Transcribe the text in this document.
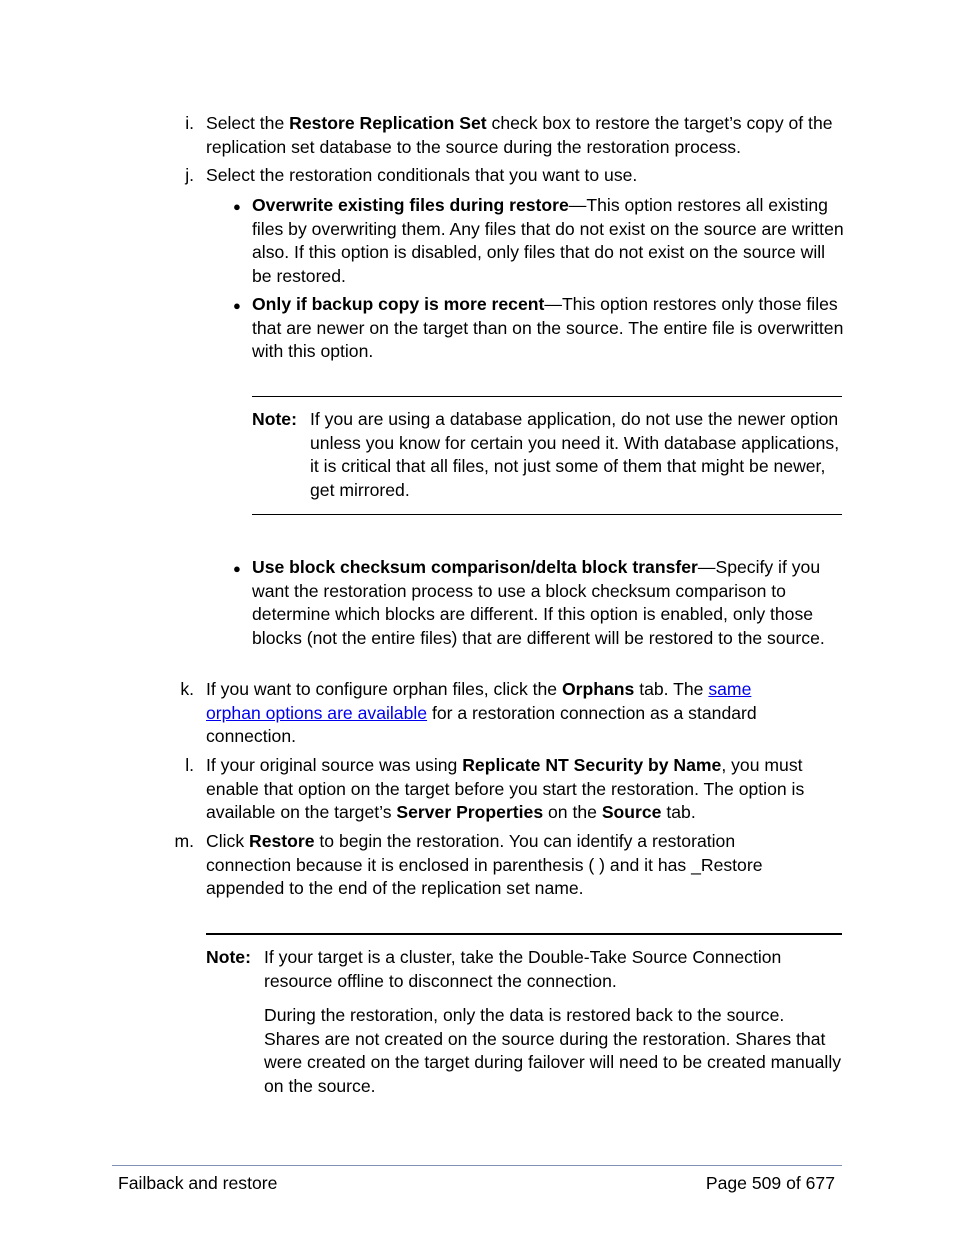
i. Select the Restore Replication Set check box to restore the target’s copy of the replication set database to the source during the restoration process.
j. Select the restoration conditionals that you want to use.
● Overwrite existing files during restore—This option restores all existing files by overwriting them. Any files that do not exist on the source are written also. If this option is disabled, only files that do not exist on the source will be restored.
● Only if backup copy is more recent—This option restores only those files that are newer on the target than on the source. The entire file is overwritten with this option.
Note: If you are using a database application, do not use the newer option unless you know for certain you need it. With database applications, it is critical that all files, not just some of them that might be newer, get mirrored.
● Use block checksum comparison/delta block transfer—Specify if you want the restoration process to use a block checksum comparison to determine which blocks are different. If this option is enabled, only those blocks (not the entire files) that are different will be restored to the source.
k. If you want to configure orphan files, click the Orphans tab. The same orphan options are available for a restoration connection as a standard connection.
l. If your original source was using Replicate NT Security by Name, you must enable that option on the target before you start the restoration. The option is available on the target’s Server Properties on the Source tab.
m. Click Restore to begin the restoration. You can identify a restoration connection because it is enclosed in parenthesis ( ) and it has _Restore appended to the end of the replication set name.
Note: If your target is a cluster, take the Double-Take Source Connection resource offline to disconnect the connection.
During the restoration, only the data is restored back to the source. Shares are not created on the source during the restoration. Shares that were created on the target during failover will need to be created manually on the source.
Failback and restore	Page 509 of 677
